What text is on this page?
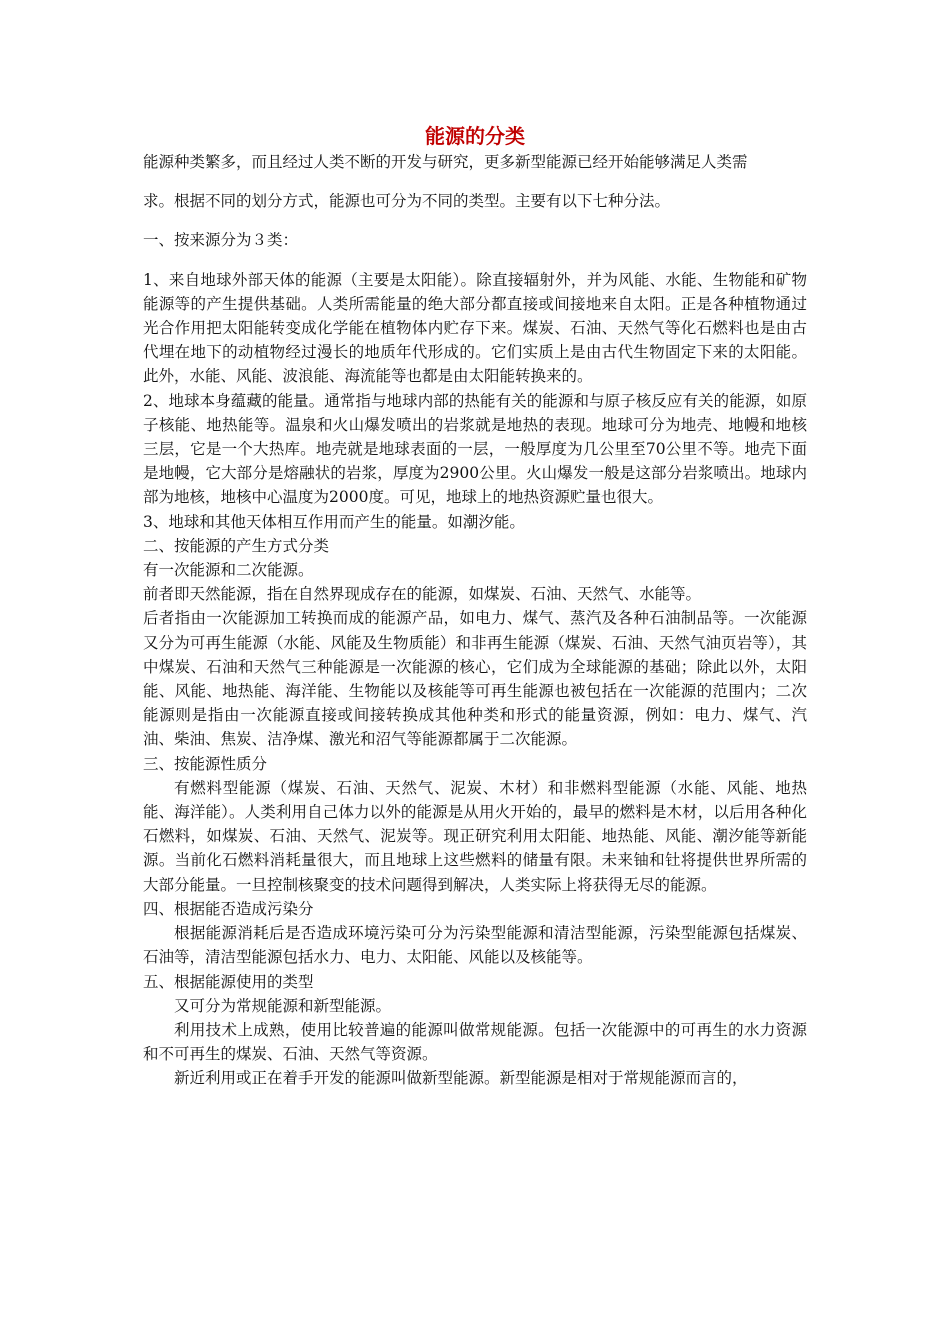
能源的分类

能源种类繁多，而且经过人类不断的开发与研究，更多新型能源已经开始能够满足人类需

求。根据不同的划分方式，能源也可分为不同的类型。主要有以下七种分法。

一、按来源分为３类：

1、来自地球外部天体的能源（主要是太阳能）。除直接辐射外，并为风能、水能、生物能和矿物能源等的产生提供基础。人类所需能量的绝大部分都直接或间接地来自太阳。正是各种植物通过光合作用把太阳能转变成化学能在植物体内贮存下来。煤炭、石油、天然气等化石燃料也是由古代埋在地下的动植物经过漫长的地质年代形成的。它们实质上是由古代生物固定下来的太阳能。此外，水能、风能、波浪能、海流能等也都是由太阳能转换来的。

2、地球本身蕴藏的能量。通常指与地球内部的热能有关的能源和与原子核反应有关的能源，如原子核能、地热能等。温泉和火山爆发喷出的岩浆就是地热的表现。地球可分为地壳、地幔和地核三层，它是一个大热库。地壳就是地球表面的一层，一般厚度为几公里至70公里不等。地壳下面是地幔，它大部分是熔融状的岩浆，厚度为2900公里。火山爆发一般是这部分岩浆喷出。地球内部为地核，地核中心温度为2000度。可见，地球上的地热资源贮量也很大。

3、地球和其他天体相互作用而产生的能量。如潮汐能。

二、按能源的产生方式分类

有一次能源和二次能源。

前者即天然能源，指在自然界现成存在的能源，如煤炭、石油、天然气、水能等。

后者指由一次能源加工转换而成的能源产品，如电力、煤气、蒸汽及各种石油制品等。一次能源又分为可再生能源（水能、风能及生物质能）和非再生能源（煤炭、石油、天然气油页岩等），其中煤炭、石油和天然气三种能源是一次能源的核心，它们成为全球能源的基础；除此以外，太阳能、风能、地热能、海洋能、生物能以及核能等可再生能源也被包括在一次能源的范围内；二次能源则是指由一次能源直接或间接转换成其他种类和形式的能量资源，例如：电力、煤气、汽油、柴油、焦炭、洁净煤、激光和沼气等能源都属于二次能源。

三、按能源性质分

有燃料型能源（煤炭、石油、天然气、泥炭、木材）和非燃料型能源（水能、风能、地热能、海洋能）。人类利用自己体力以外的能源是从用火开始的，最早的燃料是木材，以后用各种化石燃料，如煤炭、石油、天然气、泥炭等。现正研究利用太阳能、地热能、风能、潮汐能等新能源。当前化石燃料消耗量很大，而且地球上这些燃料的储量有限。未来铀和钍将提供世界所需的大部分能量。一旦控制核聚变的技术问题得到解决，人类实际上将获得无尽的能源。

四、根据能否造成污染分

根据能源消耗后是否造成环境污染可分为污染型能源和清洁型能源，污染型能源包括煤炭、石油等，清洁型能源包括水力、电力、太阳能、风能以及核能等。

五、根据能源使用的类型

又可分为常规能源和新型能源。

利用技术上成熟，使用比较普遍的能源叫做常规能源。包括一次能源中的可再生的水力资源和不可再生的煤炭、石油、天然气等资源。

新近利用或正在着手开发的能源叫做新型能源。新型能源是相对于常规能源而言的，
